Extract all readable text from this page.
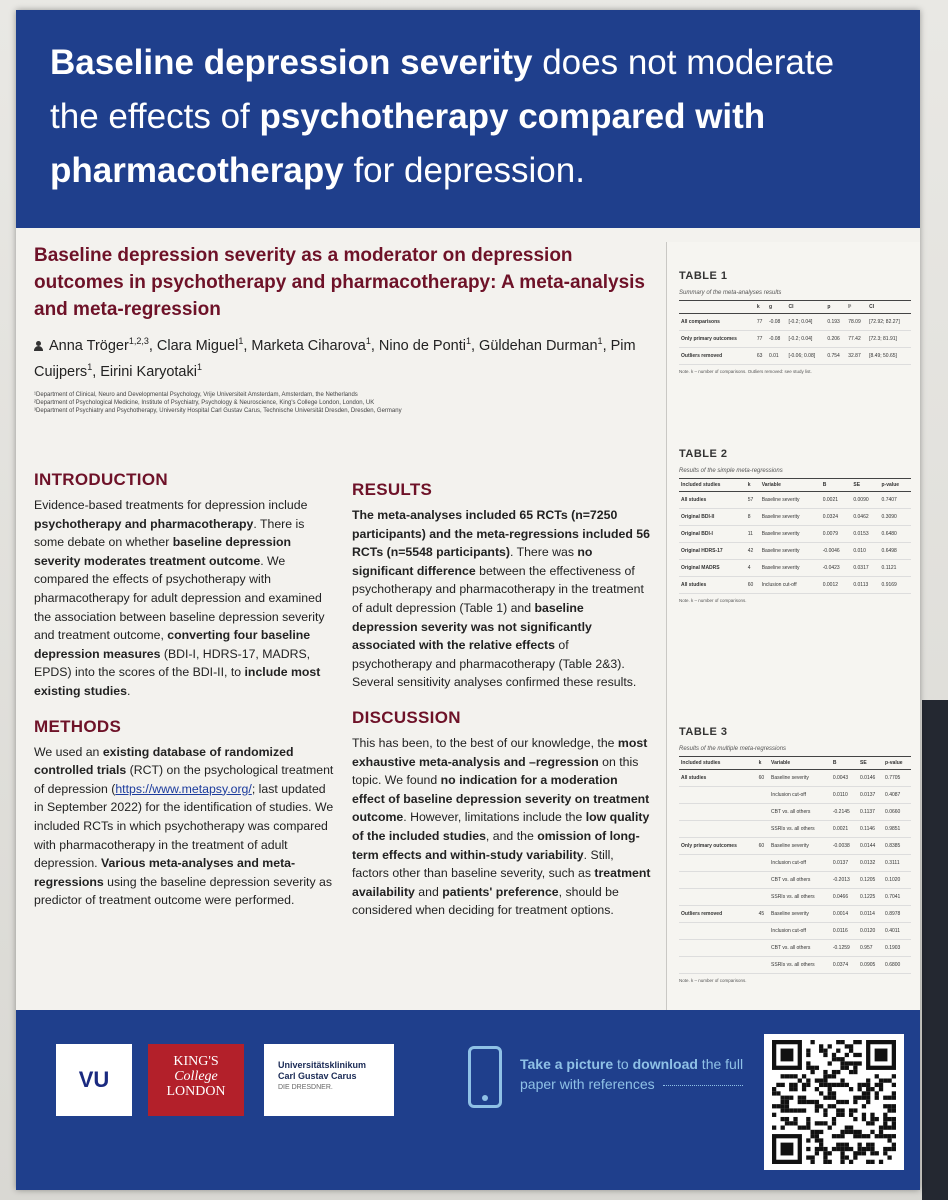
Baseline depression severity does not moderate the effects of psychotherapy compared with pharmacotherapy for depression.
Baseline depression severity as a moderator on depression outcomes in psychotherapy and pharmacotherapy: A meta-analysis and meta-regression
Anna Tröger$^{1,2,3}$, Clara Miguel$^1$, Marketa Ciharova$^1$, Nino de Ponti$^1$, Güldehan Durman$^1$, Pim Cuijpers$^1$, Eirini Karyotaki$^1$
¹Department of Clinical, Neuro and Developmental Psychology, Vrije Universiteit Amsterdam, Amsterdam, the Netherlands
²Department of Psychological Medicine, Institute of Psychiatry, Psychology & Neuroscience, King's College London, London, UK
³Department of Psychiatry and Psychotherapy, University Hospital Carl Gustav Carus, Technische Universität Dresden, Dresden, Germany
INTRODUCTION

Evidence-based treatments for depression include psychotherapy and pharmacotherapy. There is some debate on whether baseline depression severity moderates treatment outcome. We compared the effects of psychotherapy with pharmacotherapy for adult depression and examined the association between baseline depression severity and treatment outcome, converting four baseline depression measures (BDI-I, HDRS-17, MADRS, EPDS) into the scores of the BDI-II, to include most existing studies.

METHODS

We used an existing database of randomized controlled trials (RCT) on the psychological treatment of depression (https://www.metapsy.org/; last updated in September 2022) for the identification of studies. We included RCTs in which psychotherapy was compared with pharmacotherapy in the treatment of adult depression. Various meta-analyses and meta-regressions using the baseline depression severity as predictor of treatment outcome were performed.

RESULTS

The meta-analyses included 65 RCTs (n=7250 participants) and the meta-regressions included 56 RCTs (n=5548 participants). There was no significant difference between the effectiveness of psychotherapy and pharmacotherapy in the treatment of adult depression (Table 1) and baseline depression severity was not significantly associated with the relative effects of psychotherapy and pharmacotherapy (Table 2&3). Several sensitivity analyses confirmed these results.

DISCUSSION

This has been, to the best of our knowledge, the most exhaustive meta-analysis and –regression on this topic. We found no indication for a moderation effect of baseline depression severity on treatment outcome. However, limitations include the low quality of the included studies, and the omission of long-term effects and within-study variability. Still, factors other than baseline severity, such as treatment availability and patients' preference, should be considered when deciding for treatment options.

TABLE 1
Summary of the meta-analyses results
	k	g	CI	p	I²	CI
All comparisons	77	-0.08	[-0.2; 0.04]	0.193	78.09	[72.92; 82.27]
Only primary outcomes	77	-0.08	[-0.2; 0.04]	0.206	77.42	[72.3; 81.91]
Outliers removed	63	0.01	[-0.06; 0.08]	0.754	32.87	[8.49; 50.65]
Note. k – number of comparisons. Outliers removed: see study list.
TABLE 2
Results of the simple meta-regressions
Included studies	k	Variable	B	SE	p-value
All studies	57	Baseline severity	0.0021	0.0090	0.7407
Original BDI-II	8	Baseline severity	0.0324	0.0462	0.3090
Original BDI-I	11	Baseline severity	0.0079	0.0153	0.6480
Original HDRS-17	42	Baseline severity	-0.0046	0.010	0.6498
Original MADRS	4	Baseline severity	-0.0423	0.0317	0.1121
All studies	60	Inclusion cut-off	0.0012	0.0113	0.9169
Note. k – number of comparisons.
TABLE 3
Results of the multiple meta-regressions
Included studies	k	Variable	B	SE	p-value
All studies	60	Baseline severity	0.0043	0.0146	0.7705
		Inclusion cut-off	0.0110	0.0137	0.4087
		CBT vs. all others	-0.2145	0.1137	0.0660
		SSRIs vs. all others	0.0021	0.1146	0.9851
Only primary outcomes	60	Baseline severity	-0.0038	0.0144	0.8385
		Inclusion cut-off	0.0137	0.0132	0.3111
		CBT vs. all others	-0.2013	0.1205	0.1020
		SSRIs vs. all others	0.0466	0.1225	0.7041
Outliers removed	45	Baseline severity	0.0014	0.0114	0.8978
		Inclusion cut-off	0.0116	0.0120	0.4011
		CBT vs. all others	-0.1259	0.957	0.1903
		SSRIs vs. all others	0.0374	0.0905	0.6800
Note. k – number of comparisons.
VU
KING'S
College
LONDON
Universitätsklinikum
Carl Gustav Carus
DIE DRESDNER.
Take a picture to download the full paper with references
